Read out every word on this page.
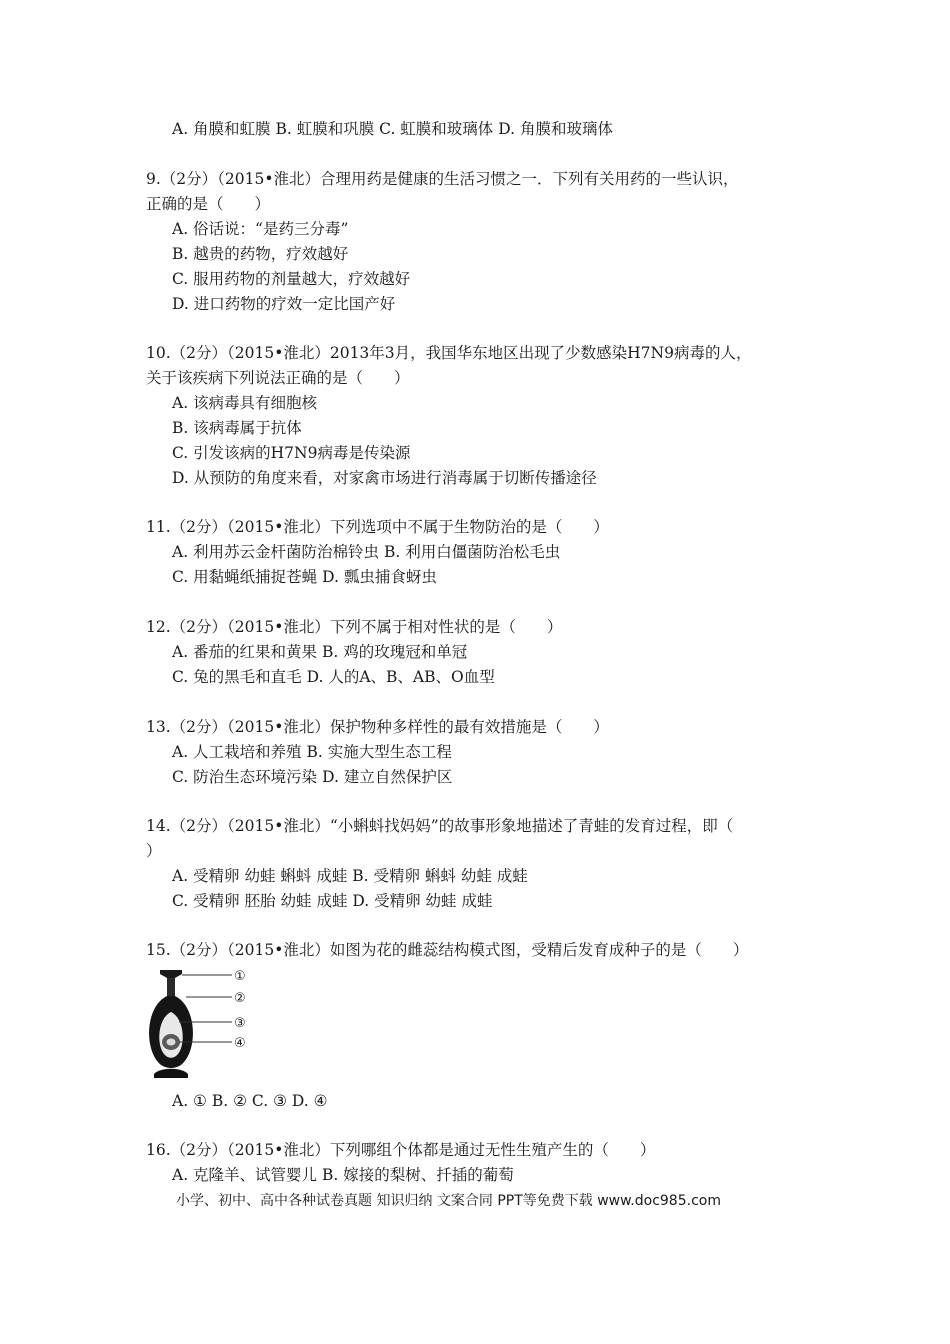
A. 角膜和虹膜 B. 虹膜和巩膜 C. 虹膜和玻璃体 D. 角膜和玻璃体
9.（2分）（2015•淮北）合理用药是健康的生活习惯之一．下列有关用药的一些认识，
正确的是（　　）
A. 俗话说：“是药三分毒”
B. 越贵的药物，疗效越好
C. 服用药物的剂量越大，疗效越好
D. 进口药物的疗效一定比国产好
10.（2分）（2015•淮北）2013年3月，我国华东地区出现了少数感染H7N9病毒的人，
关于该疾病下列说法正确的是（　　）
A. 该病毒具有细胞核
B. 该病毒属于抗体
C. 引发该病的H7N9病毒是传染源
D. 从预防的角度来看，对家禽市场进行消毒属于切断传播途径
11.（2分）（2015•淮北）下列选项中不属于生物防治的是（　　）
A. 利用苏云金杆菌防治棉铃虫 B. 利用白僵菌防治松毛虫
C. 用黏蝇纸捕捉苍蝇 D. 瓢虫捕食蚜虫
12.（2分）（2015•淮北）下列不属于相对性状的是（　　）
A. 番茄的红果和黄果 B. 鸡的玫瑰冠和单冠
C. 兔的黑毛和直毛 D. 人的A、B、AB、O血型
13.（2分）（2015•淮北）保护物种多样性的最有效措施是（　　）
A. 人工栽培和养殖 B. 实施大型生态工程
C. 防治生态环境污染 D. 建立自然保护区
14.（2分）（2015•淮北）“小蝌蚪找妈妈”的故事形象地描述了青蛙的发育过程，即（
）
A. 受精卵 幼蛙 蝌蚪 成蛙 B. 受精卵 蝌蚪 幼蛙 成蛙
C. 受精卵 胚胎 幼蛙 成蛙 D. 受精卵 幼蛙 成蛙
15.（2分）（2015•淮北）如图为花的雌蕊结构模式图，受精后发育成种子的是（　　）
①
②
③
④
A. ① B. ② C. ③ D. ④
16.（2分）（2015•淮北）下列哪组个体都是通过无性生殖产生的（　　）
A. 克隆羊、试管婴儿 B. 嫁接的梨树、扦插的葡萄
小学、初中、高中各种试卷真题 知识归纳 文案合同 PPT等免费下载 www.doc985.com
